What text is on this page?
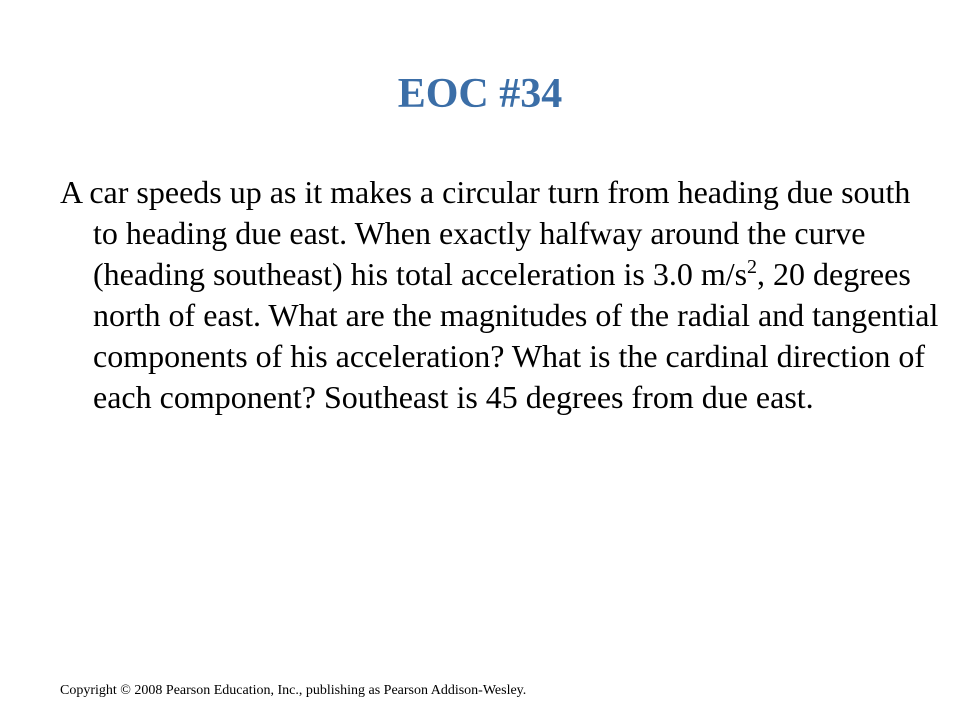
EOC #34
A car speeds up as it makes a circular turn from heading due south to heading due east. When exactly halfway around the curve (heading southeast) his total acceleration is 3.0 $m/s^2$, 20 degrees north of east. What are the magnitudes of the radial and tangential components of his acceleration? What is the cardinal direction of each component? Southeast is 45 degrees from due east.
Copyright © 2008 Pearson Education, Inc., publishing as Pearson Addison-Wesley.
